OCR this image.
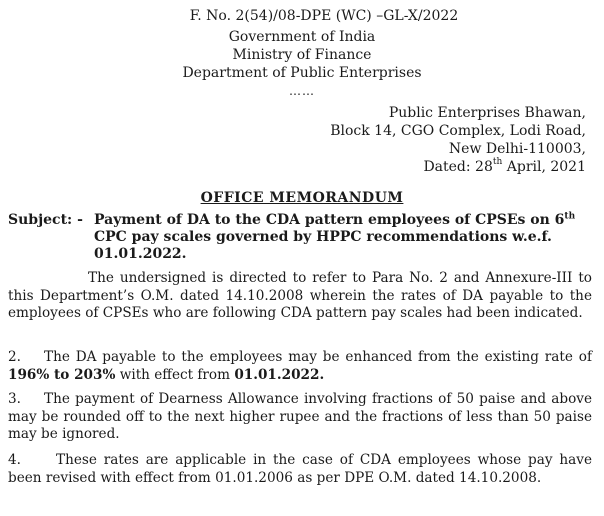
F. No. 2(54)/08-DPE (WC) –GL-X/2022
Government of India
Ministry of Finance
Department of Public Enterprises
……
Public Enterprises Bhawan,
Block 14, CGO Complex, Lodi Road,
New Delhi-110003,
Dated: 28th April, 2021
OFFICE MEMORANDUM
Subject: - Payment of DA to the CDA pattern employees of CPSEs on 6th CPC pay scales governed by HPPC recommendations w.e.f. 01.01.2022.
The undersigned is directed to refer to Para No. 2 and Annexure-III to this Department’s O.M. dated 14.10.2008 wherein the rates of DA payable to the employees of CPSEs who are following CDA pattern pay scales had been indicated.
2. The DA payable to the employees may be enhanced from the existing rate of 196% to 203% with effect from 01.01.2022.
3. The payment of Dearness Allowance involving fractions of 50 paise and above may be rounded off to the next higher rupee and the fractions of less than 50 paise may be ignored.
4.	These rates are applicable in the case of CDA employees whose pay have been revised with effect from 01.01.2006 as per DPE O.M. dated 14.10.2008.
